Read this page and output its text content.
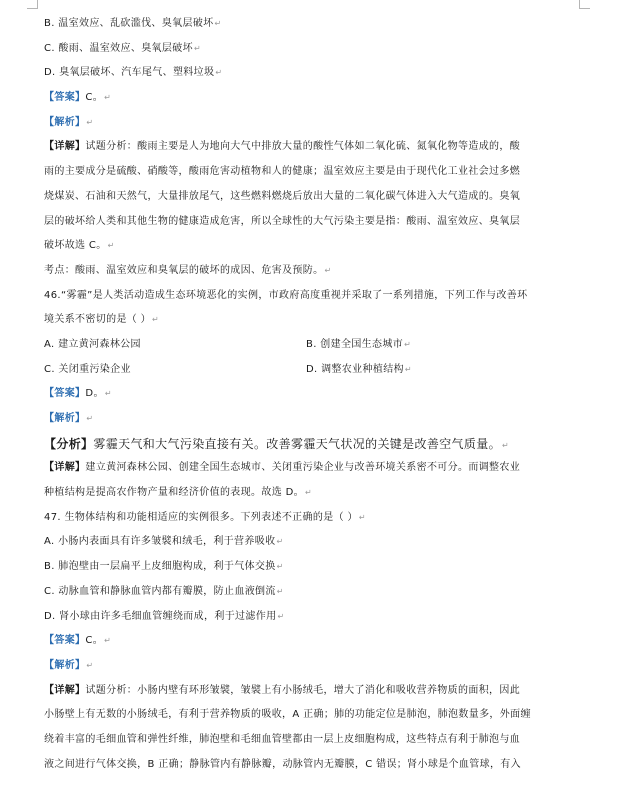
B. 温室效应、乱砍滥伐、臭氧层破坏↵
C. 酸雨、温室效应、臭氧层破坏↵
D. 臭氧层破坏、汽车尾气、塑料垃圾↵
【答案】C。↵
【解析】↵
【详解】试题分析：酸雨主要是人为地向大气中排放大量的酸性气体如二氧化硫、氮氧化物等造成的，酸
雨的主要成分是硫酸、硝酸等，酸雨危害动植物和人的健康；温室效应主要是由于现代化工业社会过多燃
烧煤炭、石油和天然气，大量排放尾气，这些燃料燃烧后放出大量的二氧化碳气体进入大气造成的。臭氧
层的破坏给人类和其他生物的健康造成危害，所以全球性的大气污染主要是指：酸雨、温室效应、臭氧层
破坏故选 C。↵
考点：酸雨、温室效应和臭氧层的破坏的成因、危害及预防。↵
46.“雾霾”是人类活动造成生态环境恶化的实例，市政府高度重视并采取了一系列措施，下列工作与改善环
境关系不密切的是（ ）↵
A. 建立黄河森林公园	B. 创建全国生态城市↵
C. 关闭重污染企业	D. 调整农业种植结构↵
【答案】D。↵
【解析】↵
【分析】雾霾天气和大气污染直接有关。改善雾霾天气状况的关键是改善空气质量。↵
【详解】建立黄河森林公园、创建全国生态城市、关闭重污染企业与改善环境关系密不可分。而调整农业
种植结构是提高农作物产量和经济价值的表现。故选 D。↵
47. 生物体结构和功能相适应的实例很多。下列表述不正确的是（ ）↵
A. 小肠内表面具有许多皱襞和绒毛，利于营养吸收↵
B. 肺泡壁由一层扁平上皮细胞构成，利于气体交换↵
C. 动脉血管和静脉血管内都有瓣膜，防止血液倒流↵
D. 肾小球由许多毛细血管缠绕而成，利于过滤作用↵
【答案】C。↵
【解析】↵
【详解】试题分析：小肠内壁有环形皱襞，皱襞上有小肠绒毛，增大了消化和吸收营养物质的面积，因此
小肠壁上有无数的小肠绒毛，有利于营养物质的吸收，A 正确；肺的功能定位是肺泡，肺泡数量多，外面缠
绕着丰富的毛细血管和弹性纤维，肺泡壁和毛细血管壁都由一层上皮细胞构成，这些特点有利于肺泡与血
液之间进行气体交换，B 正确；静脉管内有静脉瓣，动脉管内无瓣膜，C 错误；肾小球是个血管球，有入
